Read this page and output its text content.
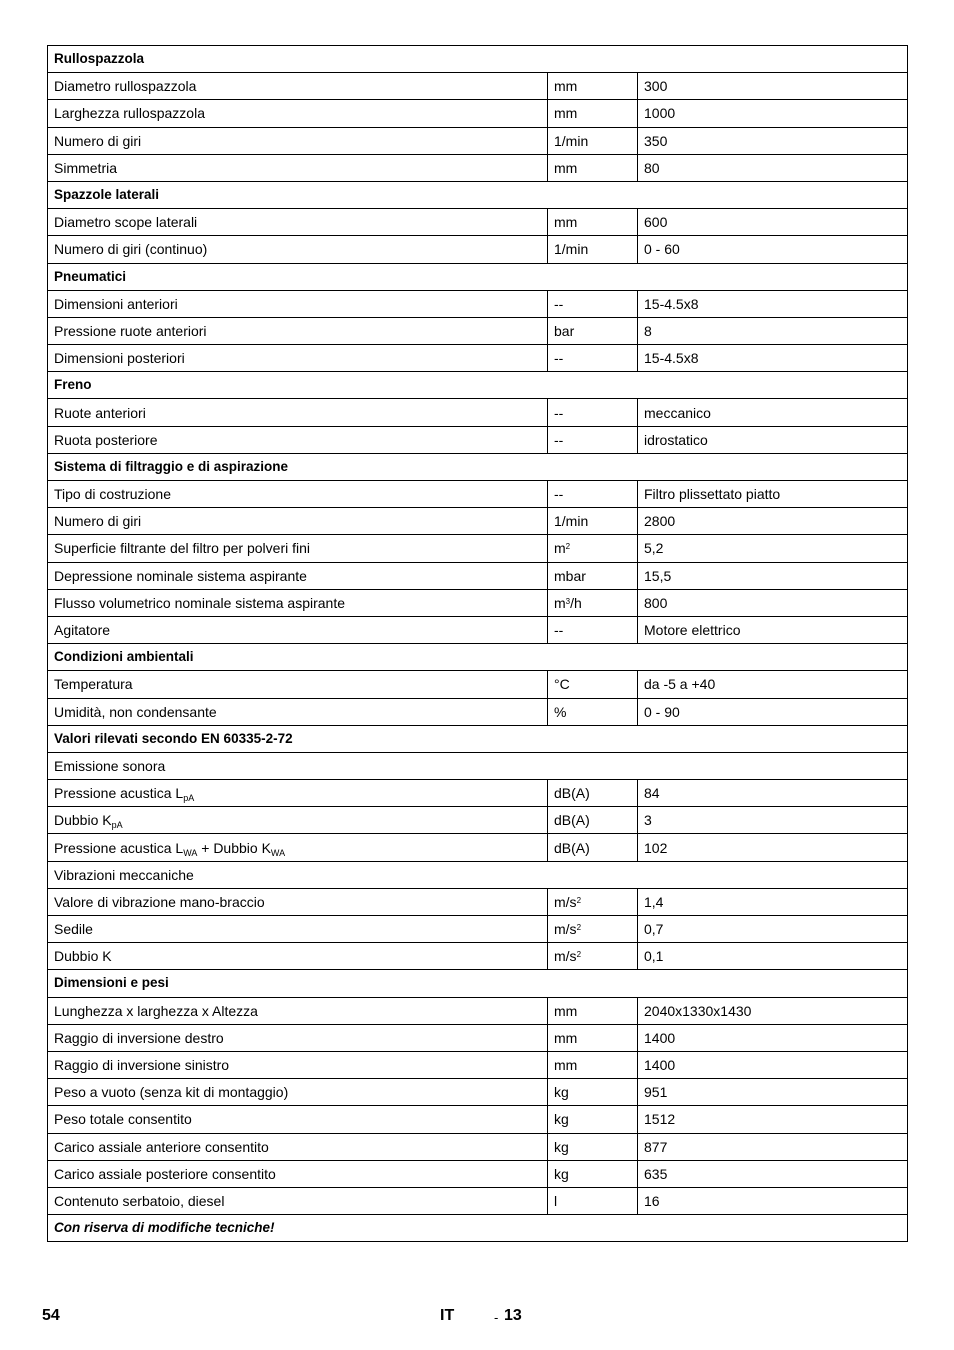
Rullospazzola		
Diametro rullospazzola	mm	300
Larghezza rullospazzola	mm	1000
Numero di giri	1/min	350
Simmetria	mm	80
Spazzole laterali		
Diametro scope laterali	mm	600
Numero di giri (continuo)	1/min	0 - 60
Pneumatici		
Dimensioni anteriori	--	15-4.5x8
Pressione ruote anteriori	bar	8
Dimensioni posteriori	--	15-4.5x8
Freno		
Ruote anteriori	--	meccanico
Ruota posteriore	--	idrostatico
Sistema di filtraggio e di aspirazione		
Tipo di costruzione	--	Filtro plissettato piatto
Numero di giri	1/min	2800
Superficie filtrante del filtro per polveri fini	$m^2$	5,2
Depressione nominale sistema aspirante	mbar	15,5
Flusso volumetrico nominale sistema aspirante	$m^3/h$	800
Agitatore	--	Motore elettrico
Condizioni ambientali		
Temperatura	°C	da -5 a +40
Umidità, non condensante	%	0 - 90
Valori rilevati secondo EN 60335-2-72		
Emissione sonora		
Pressione acustica $L_{pA}$	dB(A)	84
Dubbio $K_{pA}$	dB(A)	3
Pressione acustica $L_{WA}$ + Dubbio $K_{WA}$	dB(A)	102
Vibrazioni meccaniche		
Valore di vibrazione mano-braccio	$m/s^2$	1,4
Sedile	$m/s^2$	0,7
Dubbio K	$m/s^2$	0,1
Dimensioni e pesi		
Lunghezza x larghezza x Altezza	mm	2040x1330x1430
Raggio di inversione destro	mm	1400
Raggio di inversione sinistro	mm	1400
Peso a vuoto (senza kit di montaggio)	kg	951
Peso totale consentito	kg	1512
Carico assiale anteriore consentito	kg	877
Carico assiale posteriore consentito	kg	635
Contenuto serbatoio, diesel	l	16
Con riserva di modifiche tecniche!		
54	IT	- 13
